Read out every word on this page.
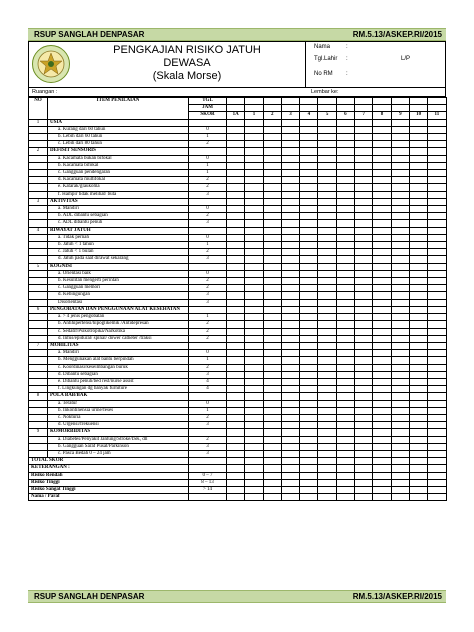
RSUP SANGLAH DENPASAR	RM.5.13/ASKEP.RI/2015
PENGKAJIAN RISIKO JATUH
DEWASA
(Skala Morse)
Nama	:
Tgl.Lahir :	L/P
No RM :
Ruangan :	Lembar ke:
NO	ITEM PENILAIAN	TGL													
		JAM													
		SKOR	1A	1	2	3	4	5	6	7	8	9	10	11	
1	USIA														
	a. Kurang dari 60 tahun	0													
	b. Lebih dari 60 tahun	1													
	c. Lebih dari 80 tahun	2													
2	DEFISIT SENSORIS														
	a. Kacamata bukan bifokal	0													
	b. Kacamata bifokal	1													
	c. Gangguan pendengaran	1													
	d. Kacamata multifokal	2													
	e. Katarak/glaukoma	2													
	f. Hampir tidak melihat/ buta	3													
3	AKTIVITAS														
	a. Mandiri	0													
	b. ADL dibantu sebagian	2													
	c. ADL dibantu penuh	3													
4	RIWAYAT JATUH														
	a. Tidak pernah	0													
	b. Jatuh < 1 tahun	1													
	c. Jatuh < 1 bulan	2													
	d. Jatuh pada saat dirawat sekarang	3													
5	KOGNISI														
	a. Orientasi baik	0													
	b. Kesulitan mengerti perintah	2													
	c. Gangguan memori	2													
	d. Kebingungan	3													
	Disorientasi	3													
6	PENGOBATAN DAN PENGGUNAAN ALAT KESEHATAN														
	a. > 4 jenis pengobatan	1													
	b. Antihipertensi/hipoglikemik /Antidepresan	2													
	c. Sedatif/Psikotropika/Narkotika	2													
	d. Infus/epidural/ spinal/ dower catheter /traksi	2													
7	MOBILITAS														
	a. Mandiri	0													
	b. Menggunakan alat bantu berpindah	1													
	c. Koordinasi/keseimbangan buruk	2													
	d. Dibantu sebagian	3													
	e. Dibantu penuh/bed rest/nurse assist	4													
	f. Lingkungan dg banyak furniture	4													
8	POLA BAB/BAK														
	a. Teratur	0													
	b. Inkontinensia urine/feses	1													
	c. Nokturia	2													
	d. Urgensi/frekuensi	3													
9	KOMORBIDITAS														
	a. Diabetes/Penyakit Jantung/Stroke/ISK, dll	2													
	b. Gangguan Saraf Pusat/Parkinson	3													
	c. Pasca Bedah 0 – 24 jam	3													
TOTAL SKOR															
KETERANGAN :															
Risiko Rendah		0 – 7													
Risiko Tinggi		8 – 13													
Risiko Sangat Tinggi		> 14													
Nama / Paraf															
RSUP SANGLAH DENPASAR	RM.5.13/ASKEP.RI/2015
